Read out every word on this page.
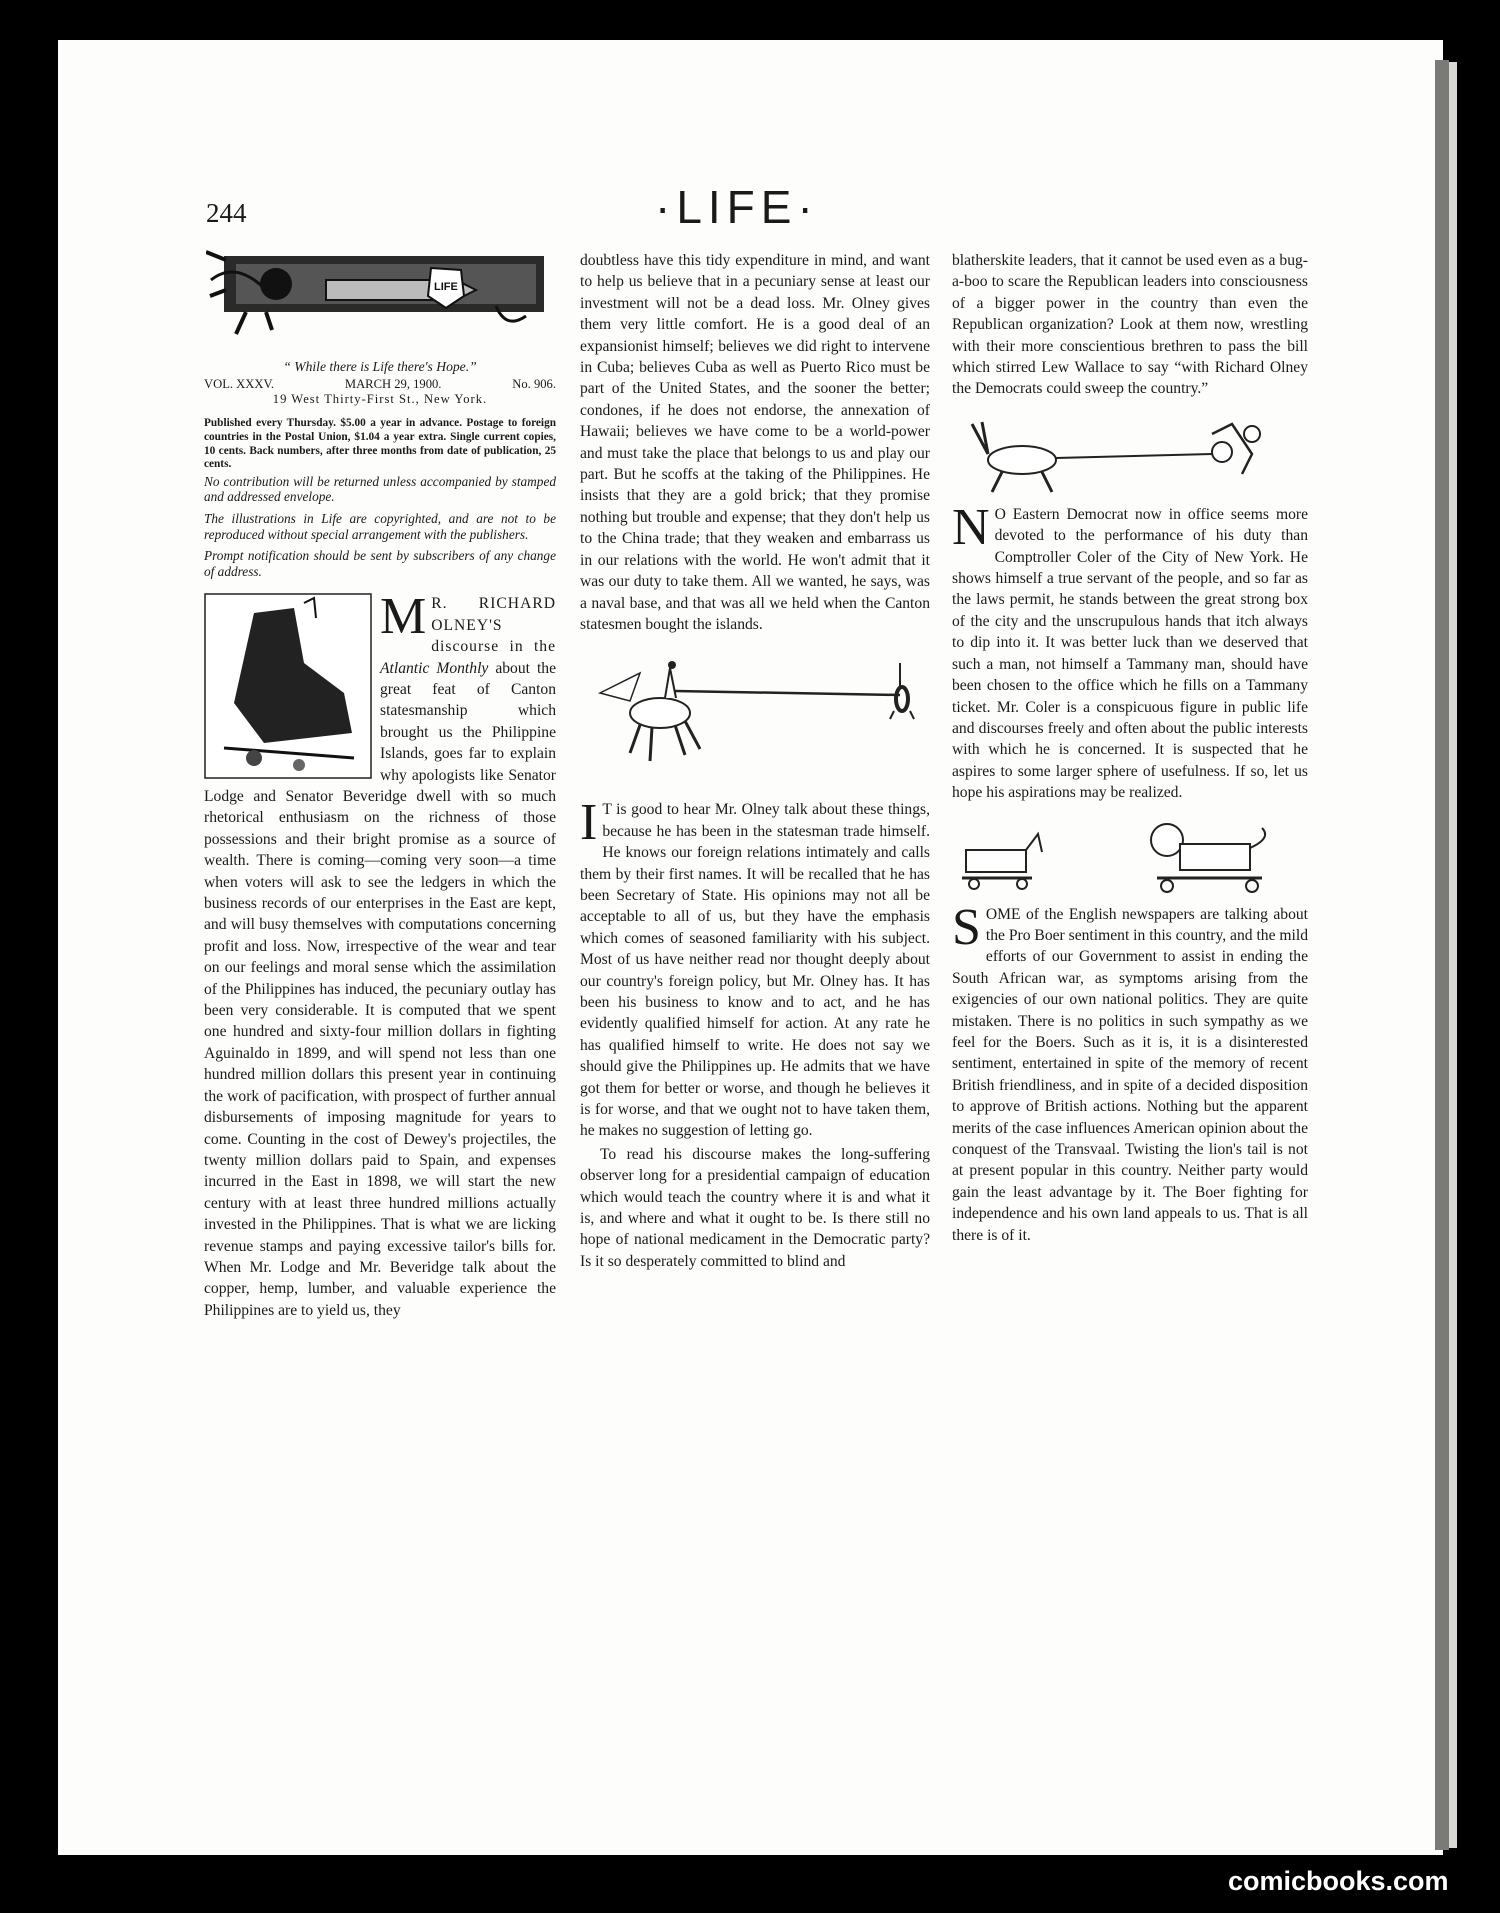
244	·LIFE·
LIFE
“ While there is Life there's Hope.”
VOL. XXXV.	MARCH 29, 1900.	No. 906.
19 West Thirty-First St., New York.

Published every Thursday. $5.00 a year in advance. Postage to foreign countries in the Postal Union, $1.04 a year extra. Single current copies, 10 cents. Back numbers, after three months from date of publication, 25 cents.

No contribution will be returned unless accompanied by stamped and addressed envelope.

The illustrations in Life are copyrighted, and are not to be reproduced without special arrangement with the publishers.

Prompt notification should be sent by subscribers of any change of address.

M R. RICHARD OLNEY'S discourse in the Atlantic Monthly about the great feat of Canton statesmanship which brought us the Philippine Islands, goes far to explain why apologists like Senator Lodge and Senator Beveridge dwell with so much rhetorical enthusiasm on the richness of those possessions and their bright promise as a source of wealth. There is coming—coming very soon—a time when voters will ask to see the ledgers in which the business records of our enterprises in the East are kept, and will busy themselves with computations concerning profit and loss. Now, irrespective of the wear and tear on our feelings and moral sense which the assimilation of the Philippines has induced, the pecuniary outlay has been very considerable. It is computed that we spent one hundred and sixty-four million dollars in fighting Aguinaldo in 1899, and will spend not less than one hundred million dollars this present year in continuing the work of pacification, with prospect of further annual disbursements of imposing magnitude for years to come. Counting in the cost of Dewey's projectiles, the twenty million dollars paid to Spain, and expenses incurred in the East in 1898, we will start the new century with at least three hundred millions actually invested in the Philippines. That is what we are licking revenue stamps and paying excessive tailor's bills for. When Mr. Lodge and Mr. Beveridge talk about the copper, hemp, lumber, and valuable experience the Philippines are to yield us, they

doubtless have this tidy expenditure in mind, and want to help us believe that in a pecuniary sense at least our investment will not be a dead loss. Mr. Olney gives them very little comfort. He is a good deal of an expansionist himself; believes we did right to intervene in Cuba; believes Cuba as well as Puerto Rico must be part of the United States, and the sooner the better; condones, if he does not endorse, the annexation of Hawaii; believes we have come to be a world-power and must take the place that belongs to us and play our part. But he scoffs at the taking of the Philippines. He insists that they are a gold brick; that they promise nothing but trouble and expense; that they don't help us to the China trade; that they weaken and embarrass us in our relations with the world. He won't admit that it was our duty to take them. All we wanted, he says, was a naval base, and that was all we held when the Canton statesmen bought the islands.

I T is good to hear Mr. Olney talk about these things, because he has been in the statesman trade himself. He knows our foreign relations intimately and calls them by their first names. It will be recalled that he has been Secretary of State. His opinions may not all be acceptable to all of us, but they have the emphasis which comes of seasoned familiarity with his subject. Most of us have neither read nor thought deeply about our country's foreign policy, but Mr. Olney has. It has been his business to know and to act, and he has evidently qualified himself for action. At any rate he has qualified himself to write. He does not say we should give the Philippines up. He admits that we have got them for better or worse, and though he believes it is for worse, and that we ought not to have taken them, he makes no suggestion of letting go.

To read his discourse makes the long-suffering observer long for a presidential campaign of education which would teach the country where it is and what it is, and where and what it ought to be. Is there still no hope of national medicament in the Democratic party? Is it so desperately committed to blind and

blatherskite leaders, that it cannot be used even as a bug-a-boo to scare the Republican leaders into consciousness of a bigger power in the country than even the Republican organization? Look at them now, wrestling with their more conscientious brethren to pass the bill which stirred Lew Wallace to say “with Richard Olney the Democrats could sweep the country.”

N O Eastern Democrat now in office seems more devoted to the performance of his duty than Comptroller Coler of the City of New York. He shows himself a true servant of the people, and so far as the laws permit, he stands between the great strong box of the city and the unscrupulous hands that itch always to dip into it. It was better luck than we deserved that such a man, not himself a Tammany man, should have been chosen to the office which he fills on a Tammany ticket. Mr. Coler is a conspicuous figure in public life and discourses freely and often about the public interests with which he is concerned. It is suspected that he aspires to some larger sphere of usefulness. If so, let us hope his aspirations may be realized.

SOME of the English newspapers are talking about the Pro Boer sentiment in this country, and the mild efforts of our Government to assist in ending the South African war, as symptoms arising from the exigencies of our own national politics. They are quite mistaken. There is no politics in such sympathy as we feel for the Boers. Such as it is, it is a disinterested sentiment, entertained in spite of the memory of recent British friendliness, and in spite of a decided disposition to approve of British actions. Nothing but the apparent merits of the case influences American opinion about the conquest of the Transvaal. Twisting the lion's tail is not at present popular in this country. Neither party would gain the least advantage by it. The Boer fighting for independence and his own land appeals to us. That is all there is of it.

comicbooks.com
